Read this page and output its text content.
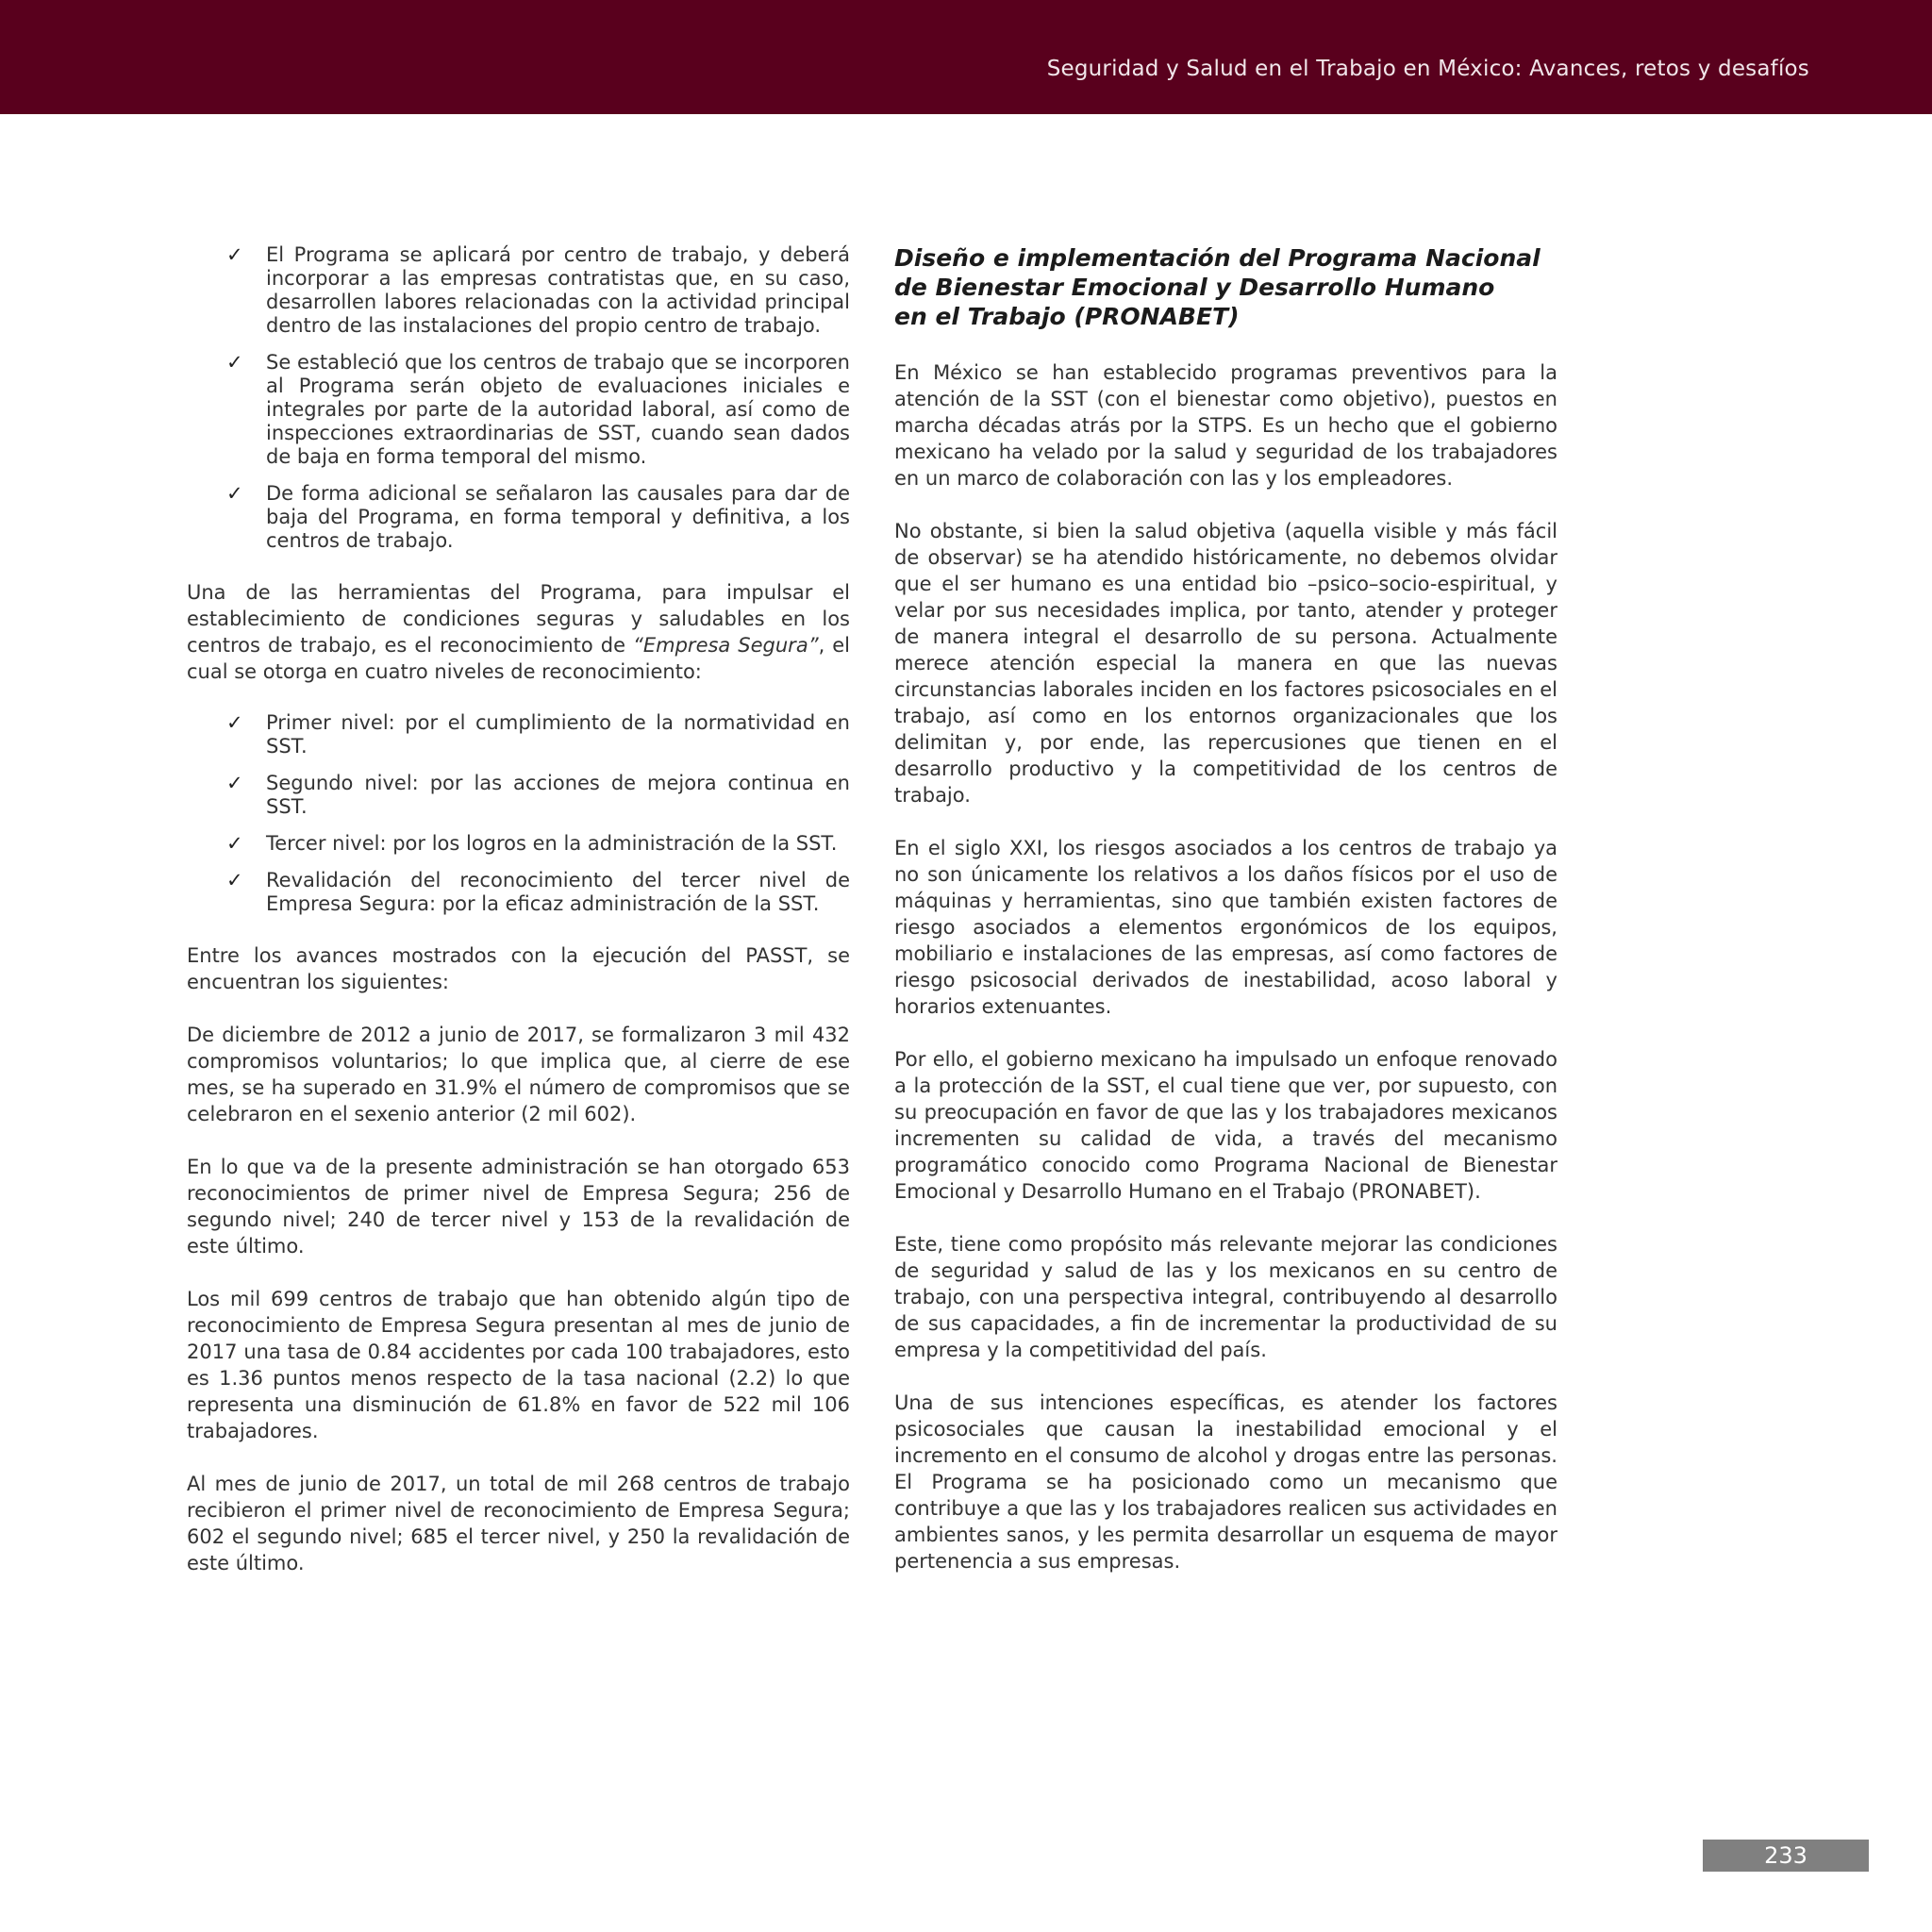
Seguridad y Salud en el Trabajo en México: Avances, retos y desafíos
✓ El Programa se aplicará por centro de trabajo, y deberá incorporar a las empresas contratistas que, en su caso, desarrollen labores relacionadas con la actividad principal dentro de las instalaciones del propio centro de trabajo.
✓ Se estableció que los centros de trabajo que se incorporen al Programa serán objeto de evaluaciones iniciales e integrales por parte de la autoridad laboral, así como de inspecciones extraordinarias de SST, cuando sean dados de baja en forma temporal del mismo.
✓ De forma adicional se señalaron las causales para dar de baja del Programa, en forma temporal y definitiva, a los centros de trabajo.

Una de las herramientas del Programa, para impulsar el establecimiento de condiciones seguras y saludables en los centros de trabajo, es el reconocimiento de “Empresa Segura”, el cual se otorga en cuatro niveles de reconocimiento:

✓ Primer nivel: por el cumplimiento de la normatividad en SST.
✓ Segundo nivel: por las acciones de mejora continua en SST.
✓ Tercer nivel: por los logros en la administración de la SST.
✓ Revalidación del reconocimiento del tercer nivel de Empresa Segura: por la eficaz administración de la SST.

Entre los avances mostrados con la ejecución del PASST, se encuentran los siguientes:

De diciembre de 2012 a junio de 2017, se formalizaron 3 mil 432 compromisos voluntarios; lo que implica que, al cierre de ese mes, se ha superado en 31.9% el número de compromisos que se celebraron en el sexenio anterior (2 mil 602).

En lo que va de la presente administración se han otorgado 653 reconocimientos de primer nivel de Empresa Segura; 256 de segundo nivel; 240 de tercer nivel y 153 de la revalidación de este último.

Los mil 699 centros de trabajo que han obtenido algún tipo de reconocimiento de Empresa Segura presentan al mes de junio de 2017 una tasa de 0.84 accidentes por cada 100 trabajadores, esto es 1.36 puntos menos respecto de la tasa nacional (2.2) lo que representa una disminución de 61.8% en favor de 522 mil 106 trabajadores.

Al mes de junio de 2017, un total de mil 268 centros de trabajo recibieron el primer nivel de reconocimiento de Empresa Segura; 602 el segundo nivel; 685 el tercer nivel, y 250 la revalidación de este último.

Diseño e implementación del Programa Nacional
de Bienestar Emocional y Desarrollo Humano
en el Trabajo (PRONABET)

En México se han establecido programas preventivos para la atención de la SST (con el bienestar como objetivo), puestos en marcha décadas atrás por la STPS. Es un hecho que el gobierno mexicano ha velado por la salud y seguridad de los trabajadores en un marco de colaboración con las y los empleadores.

No obstante, si bien la salud objetiva (aquella visible y más fácil de observar) se ha atendido históricamente, no debemos olvidar que el ser humano es una entidad bio –psico–socio-espiritual, y velar por sus necesidades implica, por tanto, atender y proteger de manera integral el desarrollo de su persona. Actualmente merece atención especial la manera en que las nuevas circunstancias laborales inciden en los factores psicosociales en el trabajo, así como en los entornos organizacionales que los delimitan y, por ende, las repercusiones que tienen en el desarrollo productivo y la competitividad de los centros de trabajo.

En el siglo XXI, los riesgos asociados a los centros de trabajo ya no son únicamente los relativos a los daños físicos por el uso de máquinas y herramientas, sino que también existen factores de riesgo asociados a elementos ergonómicos de los equipos, mobiliario e instalaciones de las empresas, así como factores de riesgo psicosocial derivados de inestabilidad, acoso laboral y horarios extenuantes.

Por ello, el gobierno mexicano ha impulsado un enfoque renovado a la protección de la SST, el cual tiene que ver, por supuesto, con su preocupación en favor de que las y los trabajadores mexicanos incrementen su calidad de vida, a través del mecanismo programático conocido como Programa Nacional de Bienestar Emocional y Desarrollo Humano en el Trabajo (PRONABET).

Este, tiene como propósito más relevante mejorar las condiciones de seguridad y salud de las y los mexicanos en su centro de trabajo, con una perspectiva integral, contribuyendo al desarrollo de sus capacidades, a fin de incrementar la productividad de su empresa y la competitividad del país.

Una de sus intenciones específicas, es atender los factores psicosociales que causan la inestabilidad emocional y el incremento en el consumo de alcohol y drogas entre las personas. El Programa se ha posicionado como un mecanismo que contribuye a que las y los trabajadores realicen sus actividades en ambientes sanos, y les permita desarrollar un esquema de mayor pertenencia a sus empresas.

233
